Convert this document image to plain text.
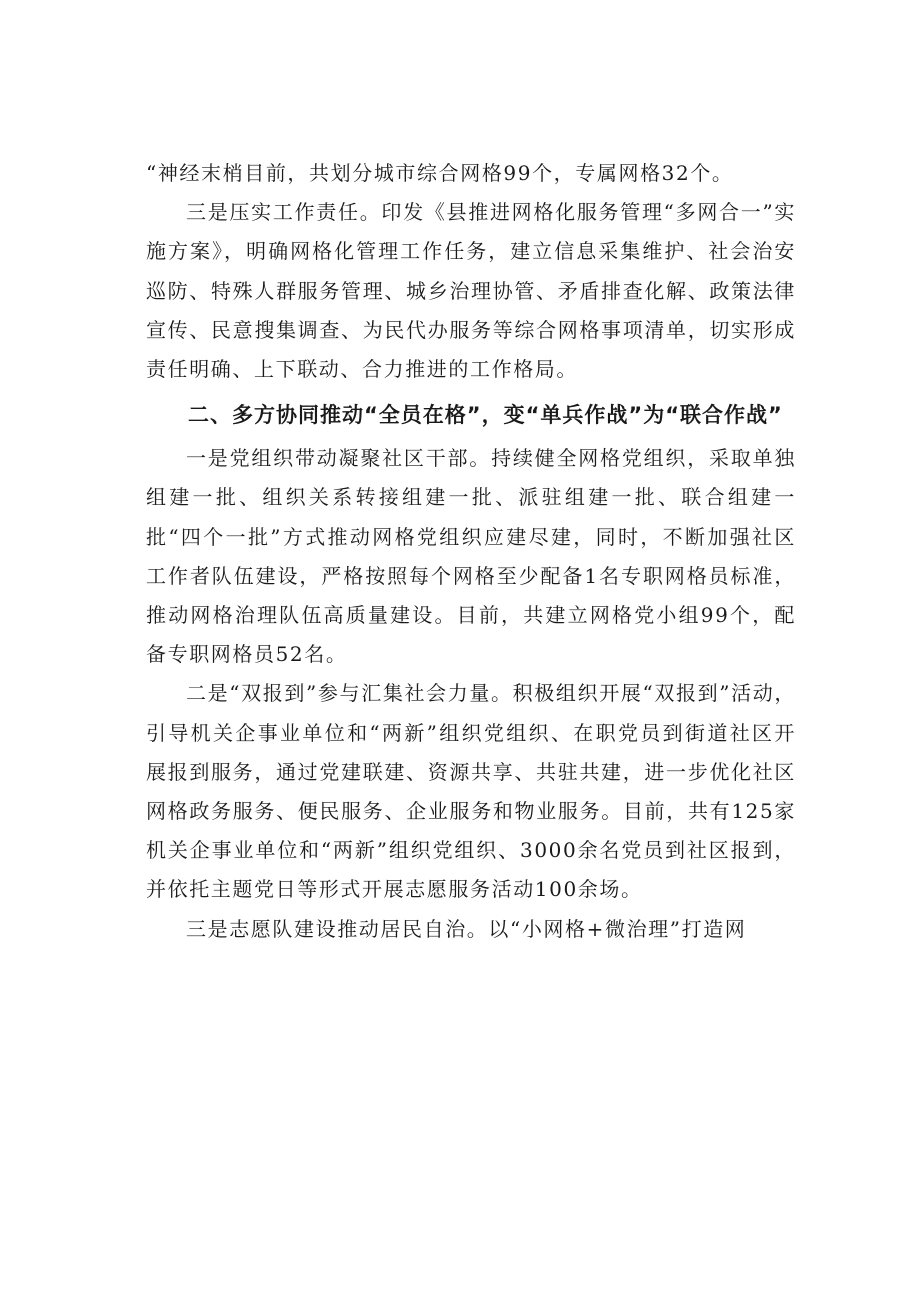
“神经末梢目前，共划分城市综合网格99个，专属网格32个。

三是压实工作责任。印发《县推进网格化服务管理“多网合一”实施方案》，明确网格化管理工作任务，建立信息采集维护、社会治安巡防、特殊人群服务管理、城乡治理协管、矛盾排查化解、政策法律宣传、民意搜集调查、为民代办服务等综合网格事项清单，切实形成责任明确、上下联动、合力推进的工作格局。

二、多方协同推动“全员在格”，变“单兵作战”为“联合作战”

一是党组织带动凝聚社区干部。持续健全网格党组织，采取单独组建一批、组织关系转接组建一批、派驻组建一批、联合组建一批“四个一批”方式推动网格党组织应建尽建，同时，不断加强社区工作者队伍建设，严格按照每个网格至少配备1名专职网格员标准，推动网格治理队伍高质量建设。目前，共建立网格党小组99个，配备专职网格员52名。

二是“双报到”参与汇集社会力量。积极组织开展“双报到”活动，引导机关企事业单位和“两新”组织党组织、在职党员到街道社区开展报到服务，通过党建联建、资源共享、共驻共建，进一步优化社区网格政务服务、便民服务、企业服务和物业服务。目前，共有125家机关企事业单位和“两新”组织党组织、3000余名党员到社区报到，并依托主题党日等形式开展志愿服务活动100余场。

三是志愿队建设推动居民自治。以“小网格+微治理”打造网
